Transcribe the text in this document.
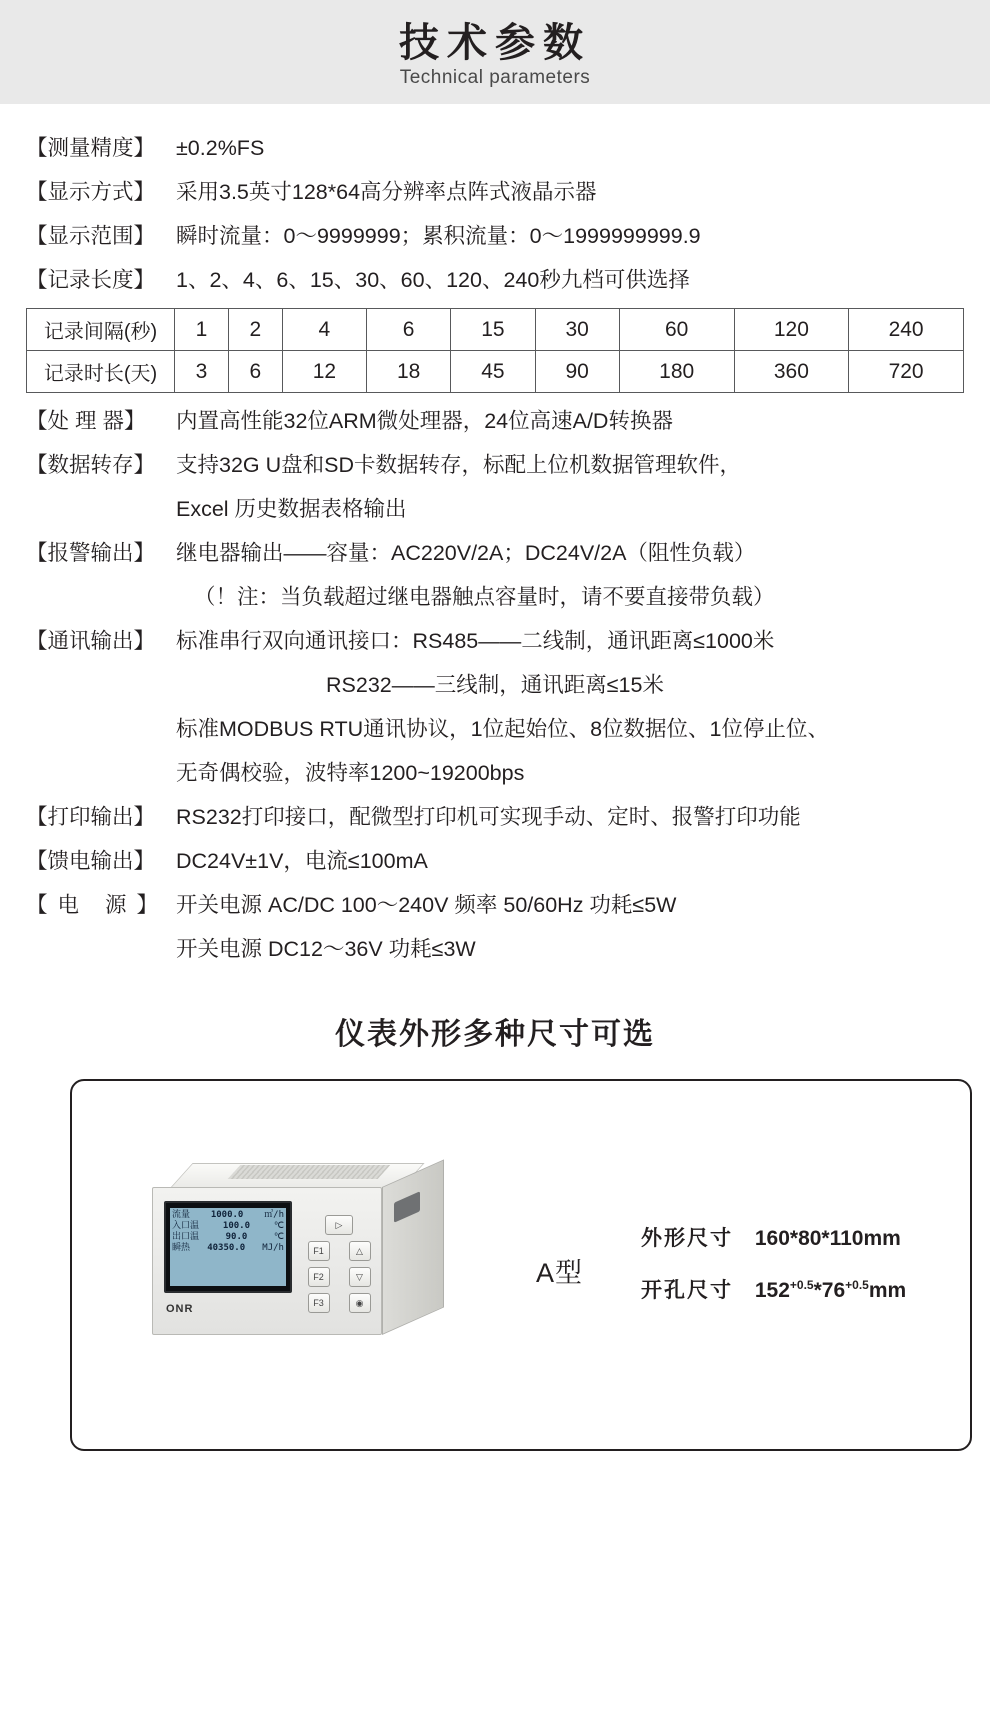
技术参数
Technical parameters
【测量精度】 ±0.2%FS
【显示方式】 采用3.5英寸128*64高分辨率点阵式液晶示器
【显示范围】 瞬时流量：0～9999999；累积流量：0～1999999999.9
【记录长度】 1、2、4、6、15、30、60、120、240秒九档可供选择
记录间隔(秒)	1	2	4	6	15	30	60	120	240
记录时长(天)	3	6	12	18	45	90	180	360	720
【处 理 器】	内置高性能32位ARM微处理器，24位高速A/D转换器
【数据转存】 支持32G U盘和SD卡数据转存，标配上位机数据管理软件，
Excel 历史数据表格输出
【报警输出】 继电器输出——容量：AC220V/2A；DC24V/2A（阻性负载）
（！注：当负载超过继电器触点容量时，请不要直接带负载）
【通讯输出】 标准串行双向通讯接口：RS485——二线制，通讯距离≤1000米
RS232——三线制，通讯距离≤15米
标准MODBUS RTU通讯协议，1位起始位、8位数据位、1位停止位、
无奇偶校验，波特率1200~19200bps
【打印输出】 RS232打印接口，配微型打印机可实现手动、定时、报警打印功能
【馈电输出】 DC24V±1V，电流≤100mA
【电 源】 开关电源 AC/DC 100～240V 频率 50/60Hz 功耗≤5W
开关电源 DC12～36V 功耗≤3W
仪表外形多种尺寸可选
流量 1000.0 ㎥/h
入口温	100.0	℃
出口温	90.0	℃
瞬热 40350.0 MJ/h
ONR
▷
F1	△
F2	▽
F3	◉
A型
外形尺寸 160*80*110mm
开孔尺寸 $152^{+0.5}*76^{+0.5}mm$
